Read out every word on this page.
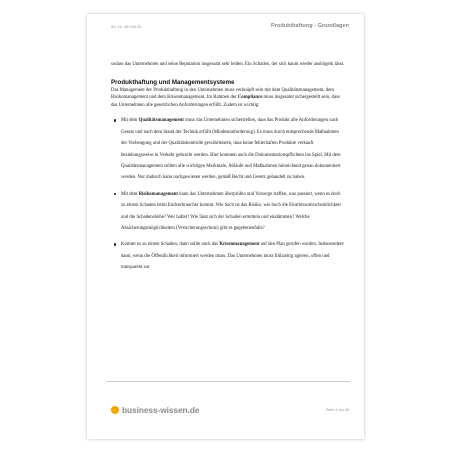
Art.-Nr. 38.008.08	Produkthaftung - Grundlagen

sodass das Unternehmen und seine Reputation insgesamt sehr leiden. Ein Schaden, der sich kaum wieder ausbügeln lässt.

Produkthaftung und Managementsysteme

Das Management der Produkthaftung in den Unternehmen muss verknüpft sein mit dem Qualitätsmanagement, dem Risikomanagement und dem Krisenmanagement. Im Rahmen der Compliance muss insgesamt sichergestellt sein, dass das Unternehmen alle gesetzlichen Anforderungen erfüllt. Zudem ist wichtig:

Mit dem Qualitätsmanagement muss das Unternehmen sicherstellen, dass das Produkt alle Anforderungen nach Gesetz und nach dem Stand der Technik erfüllt (Mindestanforderung). Es muss durch entsprechende Maßnahmen der Vorbeugung und der Qualitätskontrolle gewährleisten, dass keine fehlerhaften Produkte verkauft beziehungsweise in Verkehr gebracht werden. Hier kommen auch die Dokumentationspflichten ins Spiel. Mit dem Qualitätsmanagement sollten alle wichtigen Merkmale, Abläufe und Maßnahmen hinreichend genau dokumentiert werden. Nur dadurch kann nachgewiesen werden, gemäß Recht und Gesetz gehandelt zu haben.
Mit dem Risikomanagement kann das Unternehmen überprüfen und Vorsorge treffen, was passiert, wenn es doch zu einem Schaden beim Endverbraucher kommt. Wie hoch ist das Risiko, wie hoch die Eintrittswahrscheinlichkeit und die Schadenshöhe? Wer haftet? Wie lässt sich der Schaden ermitteln und eindämmen? Welche Absicherungsmöglichkeiten (Versicherungsschutz) gibt es gegebenenfalls?
Kommt es zu einem Schaden, dann sollte auch das Krisenmanagement auf den Plan gerufen werden. Insbesondere dann, wenn die Öffentlichkeit informiert werden muss. Das Unternehmen muss frühzeitig agieren, offen und transparent zur
business-wissen.de	Seite 4 von 08
